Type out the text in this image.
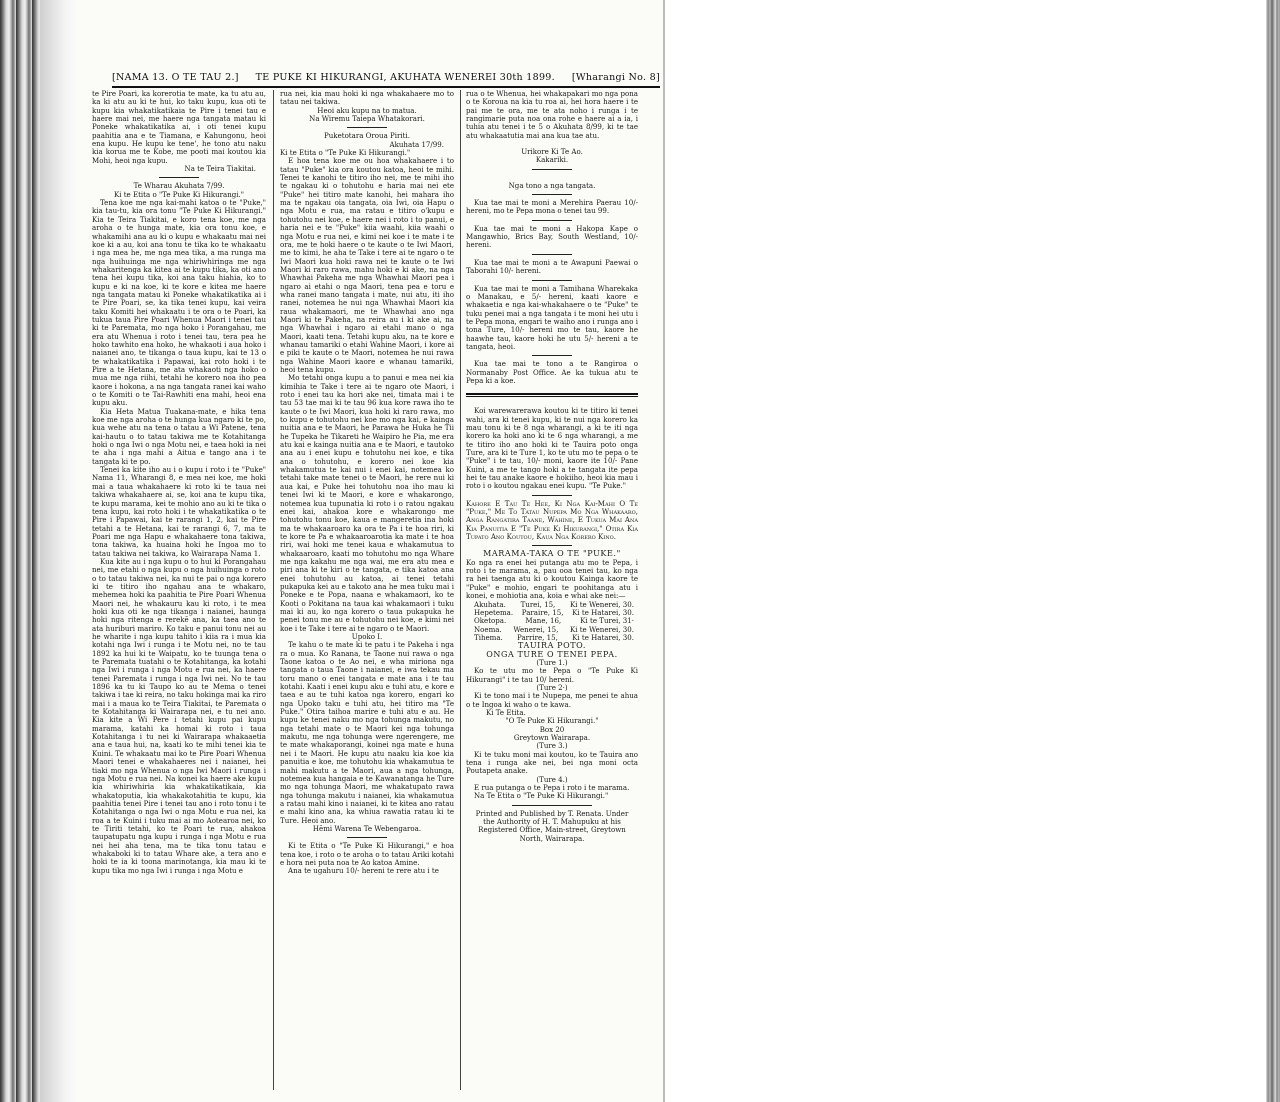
[NAMA 13. O TE TAU 2.] TE PUKE KI HIKURANGI, AKUHATA WENEREI 30th 1899. [Wharangi No. 8]

te Pire Poari, ka korerotia te mate, ka tu atu au, ka ki atu au ki te hui, ko taku kupu, kua oti te kupu kia whakatikatikaia te Pire i tenei tau e haere mai nei, me haere nga tangata matau ki Poneke whakatikatika ai, i oti tenei kupu paahitia ana e te Tiamana, e Kahungonu, heoi ena kupu. He kupu ke tene', he tono atu naku kia korua me te Kobe, me pooti mai koutou kia Mohi, heoi nga kupu.

Na te Teira Tiakitai.

Te Wharau Akuhata 7/99.

Ki te Etita o "Te Puke Ki Hikurangi."

Tena koe me nga kai-mahi katoa o te "Puke," kia tau-tu, kia ora tonu "Te Puke Ki Hikurangi." Kia te Teira Tiakitai, e koro tena koe, me nga aroha o te hunga mate, kia ora tonu koe, e whakamihi ana au ki o kupu e whakaatu mai nei koe ki a au, koi ana tonu te tika ko te whakaatu i nga mea he, me nga mea tika, a ma runga ma nga huihuinga me nga whiriwhiringa me nga whakaritenga ka kitea ai te kupu tika, ka oti ano tena hei kupu tika, koi ana taku hiahia, ko to kupu e ki na koe, ki te kore e kitea me haere nga tangata matau ki Poneke whakatikatika ai i te Pire Poari, se, ka tika tenei kupu, kai veira taku Komiti hei whakaatu i te ora o te Poari, ka tukua taua Pire Poari Whenua Maori i tenei tau ki te Paremata, mo nga hoko i Porangahau, me era atu Whenua i roto i tenei tau, tera pea he hoko tawhito ena hoko, he whakaoti i aua hoko i naianei ano, te tikanga o taua kupu, kai te 13 o te whakatikatika i Papawai, kai roto hoki i te Pire a te Hetana, me ata whakaoti nga hoko o mua me nga riihi, tetahi he korero noa iho pea kaore i hokona, a na nga tangata ranei kai waho o te Komiti o te Tai-Rawhiti ena mahi, heoi ena kupu aku.

Kia Heta Matua Tuakana-mate, e hika tena koe me nga aroha o te hunga kua ngaro ki te po, kua wehe atu na tena o tatau a Wi Patene, tena kai-hautu o to tatau takiwa me te Kotahitanga hoki o nga Iwi o nga Motu nei, e taea hoki ia nei te aha i nga mahi a Aitua e tango ana i te tangata ki te po.

Tenei ka kite iho au i o kupu i roto i te "Puke" Nama 11, Wharangi 8, e mea nei koe, me hoki mai a taua whakahaere ki roto ki te taua nei takiwa whakahaere ai, se, koi ana te kupu tika, te kupu marama, kei te mohio ano au ki te tika o tena kupu, kai roto hoki i te whakatikatika o te Pire i Papawai, kai te rarangi 1, 2, kai te Pire tetahi a te Hetana, kai te rarangi 6, 7, ma te Poari me nga Hapu e whakahaere tona takiwa, tona takiwa, ka huaina hoki he Ingoa mo to tatau takiwa nei takiwa, ko Wairarapa Nama 1.

Kua kite au i nga kupu o to hui ki Porangahau nei, me etahi o nga kupu o nga huihuinga o roto o to tatau takiwa nei, ka nui te pai o nga korero ki te titiro iho ngahau ana te whakaro, mehemea hoki ka paahitia te Pire Poari Whenua Maori nei, he whakauru kau ki roto, i te mea hoki kua oti ke nga tikanga i naianei, haunga hoki nga ritenga e rerekē ana, ka taea ano te ata huriburi mariro. Ko taku e panui tonu nei au he wharite i nga kupu tahito i kiia ra i mua kia kotahi nga Iwi i runga i te Motu nei, no te tau 1892 ka hui ki te Waipatu, ko te tuunga tena o te Paremata tuatahi o te Kotahitanga, ka kotahi nga Iwi i runga i nga Motu e rua nei, ka haere tenei Paremata i runga i nga Iwi nei. No te tau 1896 ka tu ki Taupo ko au te Mema o tenei takiwa i tae ki reira, no taku hokinga mai ka riro mai i a maua ko te Teira Tiakitai, te Paremata o te Kotahitanga ki Wairarapa nei, e tu nei ano. Kia kite a Wi Pere i tetahi kupu pai kupu marama, katahi ka homai ki roto i taua Kotahitanga i tu nei ki Wairarapa whakaaetia ana e taua hui, na, kaati ko te mihi tenei kia te Kuini. Te whakaatu mai ko te Pire Poari Whenua Maori tenei e whakahaeres nei i naianei, hei tiaki mo nga Whenua o nga Iwi Maori i runga i nga Motu e rua nei. Na konei ka haere ake kupu kia whiriwhiria kia whakatikatikaia, kia whakatoputia, kia whakakotahitia te kupu, kia paahitia tenei Pire i tenei tau ano i roto tonu i te Kotahitanga o nga Iwi o nga Motu e rua nei, ka roa a te Kuini i tuku mai ai mo Aotearoa nei, ko te Tiriti tetahi, ko te Poari te rua, ahakoa taupatupatu nga kupu i runga i nga Motu e rua nei hei aha tena, ma te tika tonu tatau e whakaboki ki to tatau Whare ake, a tera ano e hoki te ia ki toona marinotanga, kia mau ki te kupu tika mo nga Iwi i runga i nga Motu e

rua nei, kia mau hoki ki nga whakahaere mo to tatau nei takiwa.

Heoi aku kupu na to matua.

Na Wiremu Taiepa Whatakorari.

Puketotara Oroua Piriti.

Akuhata 17/99.

Ki te Etita o "Te Puke Ki Hikurangi."

E hoa tena koe me ou hoa whakahaere i to tatau "Puke" kia ora koutou katoa, heoi te mihi. Tenei te kanohi te titiro iho nei, me te mihi iho te ngakau ki o tohutohu e haria mai nei ete "Puke" hei titiro mate kanohi, hei mahara iho ma te ngakau oia tangata, oia Iwi, oia Hapu o nga Motu e rua, ma ratau e titiro o'kupu e tohutohu nei koe, e haere nei i roto i to panui, e haria nei e te "Puke" kiia waahi, kiia waahi o nga Motu e rua nei, e kimi nei koe i te mate i te ora, me te hoki haere o te kaute o te Iwi Maori, me to kimi, he aha te Take i tere ai te ngaro o te Iwi Maori kua hoki rawa nei te kaute o te Iwi Maori ki raro rawa, mahu hoki e ki ake, na nga Whawhai Pakeha me nga Whawhai Maori pea i ngaro ai etahi o nga Maori, tena pea e toru e wha ranei mano tangata i mate, nui atu, iti iho ranei, notemea he nui nga Whawhai Maori kia raua whakamaori, me te Whawhai ano nga Maori ki te Pakeha, na reira au i ki ake ai, na nga Whawhai i ngaro ai etahi mano o nga Maori, kaati tena. Tetahi kupu aku, na te kore e whanau tamariki o etahi Wahine Maori, i kore ai e piki te kaute o te Maori, notemea he nui rawa nga Wahine Maori kaore e whanau tamariki, heoi tena kupu.

Mo tetahi onga kupu a to panui e mea nei kia kimihia te Take i tere ai te ngaro ote Maori, i roto i enei tau ka hori ake nei, timata mai i te tau 53 tae mai ki te tau 96 kua kore rawa iho te kaute o te Iwi Maori, kua hoki ki raro rawa, mo to kupu e tohutohu nei koe mo nga kai, e kainga nuitia ana e te Maori, he Parawa he Huka he Tii he Tupeka he Tikareti he Waipiro he Pia, me era atu kai e kainga nuitia ana e te Maori, e tautoko ana au i enei kupu e tohutohu nei koe, e tika ana o tohutohu, e korero nei koe kia whakamutua te kai nui i enei kai, notemea ko tetahi take mate tenei o te Maori, he rere nui ki aua kai, e Puke hei tohutohu noa iho mau ki tenei Iwi ki te Maori, e kore e whakarongo, notemea kua tupunatia ki roto i o ratou ngakau enei kai, ahakoa kore e whakarongo me tohutohu tonu koe, kaua e mangeretia ina hoki ma te whakaaroaro ka ora te Pa i te hoa riri, ki te kore te Pa e whakaaroarotia ka mate i te hoa riri, wai hoki me tenei kaua e whakamutua to whakaaroaro, kaati mo tohutohu mo nga Whare me nga kakahu me nga wai, me era atu mea e piri ana ki te kiri o te tangata, e tika katoa ana enei tohutohu au katoa, ai tenei tetahi pukapuka kei au e takoto ana he mea tuku mai i Poneke e te Popa, naana e whakamaori, ko te Kooti o Pokitana na taua kai whakamaori i tuku mai ki au, ko nga korero o taua pukapuka he penei tonu me au e tohutohu nei koe, e kimi nei koe i te Take i tere ai te ngaro o te Maori.

Upoko I.

Te kahu o te mate ki te patu i te Pakeha i nga ra o mua. Ko Ranana, te Taone nui rawa o nga Taone katoa o te Ao nei, e wha miriona nga tangata o taua Taone i naianei, e iwa tekau ma toru mano o enei tangata e mate ana i te tau kotahi. Kaati i enei kupu aku e tuhi atu, e kore e taea e au te tuhi katoa nga korero, engari ko nga Upoko taku e tuhi atu, hei titiro ma "Te Puke." Otira taihoa marire e tuhi atu e au. He kupu ke tenei naku mo nga tohunga makutu, no nga tetahi mate o te Maori kei nga tohunga makutu, me nga tohunga were ngerengere, me te mate whakaporangi, koinei nga mate e huna nei i te Maori. He kupu atu naaku kia koe kia panuitia e koe, me tohutohu kia whakamutua te mahi makutu a te Maori, aua a nga tohunga, notemea kua hangaia e te Kawanatanga he Ture mo nga tohunga Maori, me whakatupato rawa nga tohunga makutu i naianei, kia whakamutua a ratau mahi kino i naianei, ki te kitea ano ratau e mahi kino ana, ka whiua rawatia ratau ki te Ture. Heoi ano.

Hēmi Warena Te Webengaroa.

Ki te Etita o "Te Puke Ki Hikurangi," e hoa tena koe, i roto o te aroha o to tatau Ariki kotahi e hora nei puta noa te Ao katoa Amine.

Ana te ugahuru 10/- hereni te rere atu i te

rua o te Whenua, hei whakapakari mo nga pona o te Koroua na kia tu roa ai, hei hora haere i te pai me te ora, me te ata noho i runga i te rangimarie puta noa ona rohe e haere ai a ia, i tuhia atu tenei i te 5 o Akuhata 8/99, ki te tae atu whakaatutia mai ana kua tae atu.

Urikore Ki Te Ao.

Kakariki.

Nga tono a nga tangata.

Kua tae mai te moni a Merehira Paerau 10/- hereni, mo te Pepa mona o tenei tau 99.

Kua tae mai te moni a Hakopa Kape o Mangawhio, Brics Bay, South Westland, 10/- hereni.

Kua tae mai te moni a te Awapuni Paewai o Taborahi 10/- hereni.

Kua tae mai te moni a Tamihana Wharekaka o Manakau, e 5/- hereni, kaati kaore e whakaetia e nga kai-whakahaere o te "Puke" te tuku penei mai a nga tangata i te moni hei utu i te Pepa mona, engari te waiho ano i runga ano i tona Ture, 10/- hereni mo te tau, kaore he haawhe tau, kaore hoki he utu 5/- hereni a te tangata, heoi.

Kua tae mai te tono a te Rangiroa o Normanaby Post Office. Ae ka tukua atu te Pepa ki a koe.

Koi warewarerawa koutou ki te titiro ki tenei wahi, ara ki tenei kupu, ki te nui nga korero ka mau tonu ki te 8 nga wharangi, a ki te iti nga korero ka hoki ano ki te 6 nga wharangi, a me te titiro iho ano hoki ki te Tauira poto onga Ture, ara ki te Ture 1, ko te utu mo te pepa o te "Puke" i te tau, 10/- moni, kaore ite 10/- Pane Kuini, a me te tango hoki a te tangata ite pepa hei te tau anake kaore e hokiiho, heoi kia mau i roto i o koutou ngakau enei kupu. "Te Puke."

Kahore E Tau Te Hee, Ki Nga Kai-Mahi O Te "Puke," Me To Tatau Nupepa Mo Nga Whakaaro, Anga Rangatira Taane, Wahine, E Tukua Mai Ana Kia Panuitia E "Te Puke Ki Hikurangi," Otira Kia Tupato Ano Koutou, Kaua Nga Korero Kino.

MARAMA-TAKA O TE "PUKE."

Ko nga ra enei hei putanga atu mo te Pepa, i roto i te marama, a, pau ooa tenei tau, ko nga ra hei taenga atu ki o koutou Kainga kaore te "Puke" e mohio, engari te poohitanga atu i konei, e mohiotia ana, koia e whai ake nei:—

Akuhata. Turei, 15, Ki te Wenerei, 30.
Hepetema. Paraire, 15, Ki te Hatarei, 30.
Oketopa.	Mane, 16,	Ki te Turei, 31·
Noema. Wenerei, 15, Ki te Wenerei, 30.
Tihema. Parrire, 15, Ki te Hatarei, 30.

TAUIRA POTO.

ONGA TURE O TENEI PEPA.

(Ture 1.)

Ko te utu mo te Pepa o "Te Puke Ki Hikurangi" i te tau 10/ hereni.

(Ture 2·)

Ki te tono mai i te Nupepa, me penei te ahua o te Ingoa ki waho o te kawa.

Ki Te Etita.

"O Te Puke Ki Hikurangi."

Box 20

Greytown Wairarapa.

(Ture 3.)

Ki te tuku moni mai koutou, ko te Tauira ano tena i runga ake nei, bei nga moni octa Poutapeta anake.

(Ture 4.)

E rua putanga o te Pepa i roto i te marama.

Na Te Etita o "Te Puke Ki Hikurangi."

Printed and Published by T. Renata. Under the Authority of H. T. Mahupuku at his Registered Office, Main-street, Greytown North, Wairarapa.
